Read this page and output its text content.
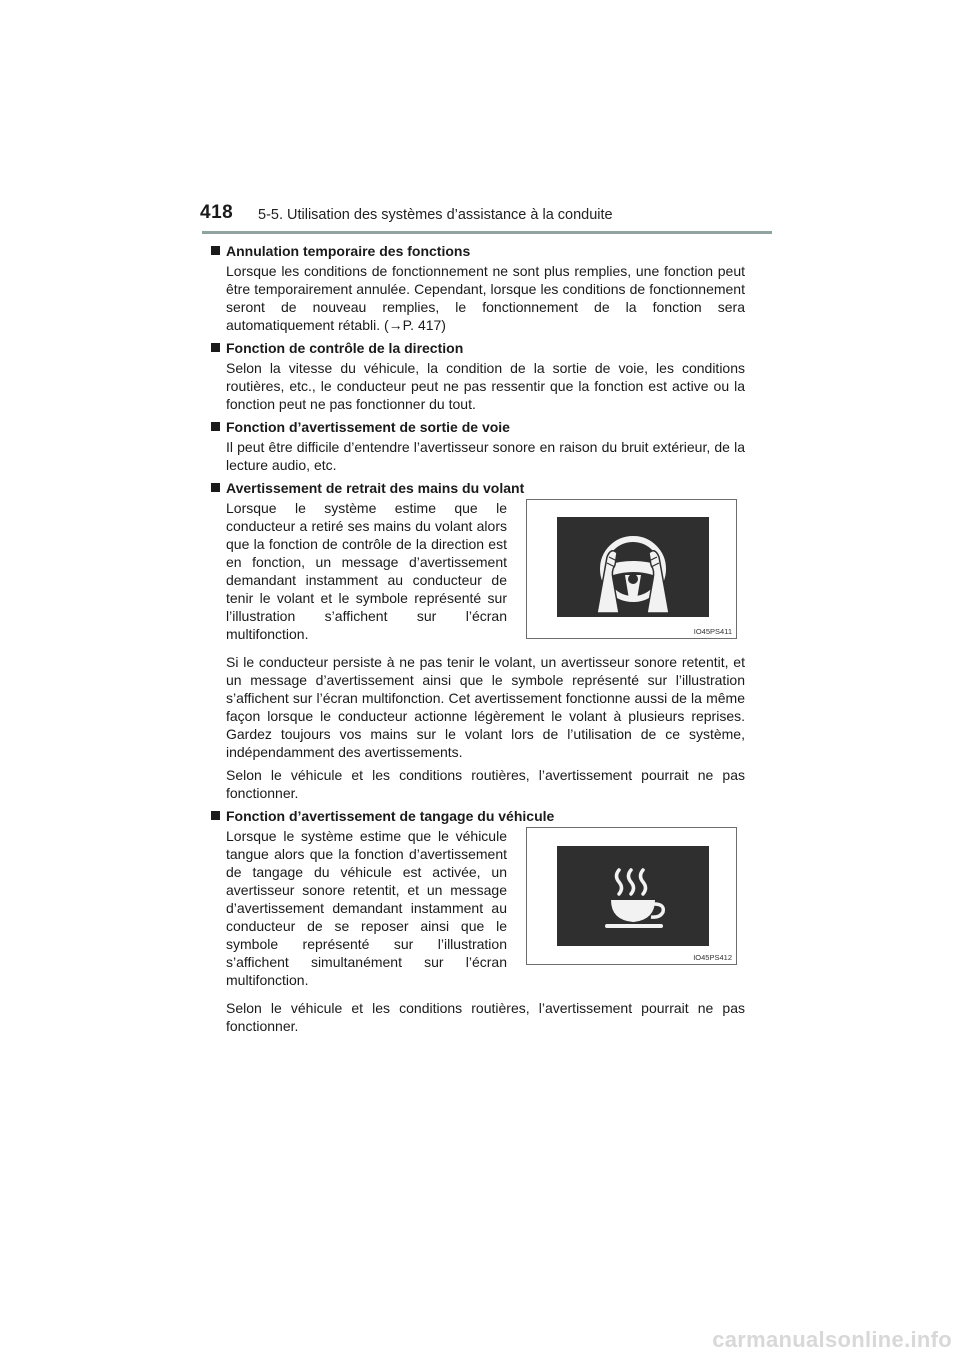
418 5-5. Utilisation des systèmes d’assistance à la conduite
Annulation temporaire des fonctions

Lorsque les conditions de fonctionnement ne sont plus remplies, une fonction peut être temporairement annulée. Cependant, lorsque les conditions de fonctionnement seront de nouveau remplies, le fonctionnement de la fonction sera automatiquement rétabli. (→P. 417)

Fonction de contrôle de la direction

Selon la vitesse du véhicule, la condition de la sortie de voie, les conditions routières, etc., le conducteur peut ne pas ressentir que la fonction est active ou la fonction peut ne pas fonctionner du tout.

Fonction d’avertissement de sortie de voie

Il peut être difficile d’entendre l’avertisseur sonore en raison du bruit extérieur, de la lecture audio, etc.

Avertissement de retrait des mains du volant

Lorsque le système estime que le conducteur a retiré ses mains du volant alors que la fonction de contrôle de la direction est en fonction, un message d’avertissement demandant instamment au conducteur de tenir le volant et le symbole représenté sur l’illustration s’affichent sur l’écran multifonction.	IO45PS411

Si le conducteur persiste à ne pas tenir le volant, un avertisseur sonore retentit, et un message d’avertissement ainsi que le symbole représenté sur l’illustration s’affichent sur l’écran multifonction. Cet avertissement fonctionne aussi de la même façon lorsque le conducteur actionne légèrement le volant à plusieurs reprises. Gardez toujours vos mains sur le volant lors de l’utilisation de ce système, indépendamment des avertissements.

Selon le véhicule et les conditions routières, l’avertissement pourrait ne pas fonctionner.

Fonction d’avertissement de tangage du véhicule

Lorsque le système estime que le véhicule tangue alors que la fonction d’avertissement de tangage du véhicule est activée, un avertisseur sonore retentit, et un message d’avertissement demandant instamment au conducteur de se reposer ainsi que le symbole représenté sur l’illustration s’affichent simultanément sur l’écran multifonction.

IO45PS412

Selon le véhicule et les conditions routières, l’avertissement pourrait ne pas fonctionner.

carmanualsonline.info
